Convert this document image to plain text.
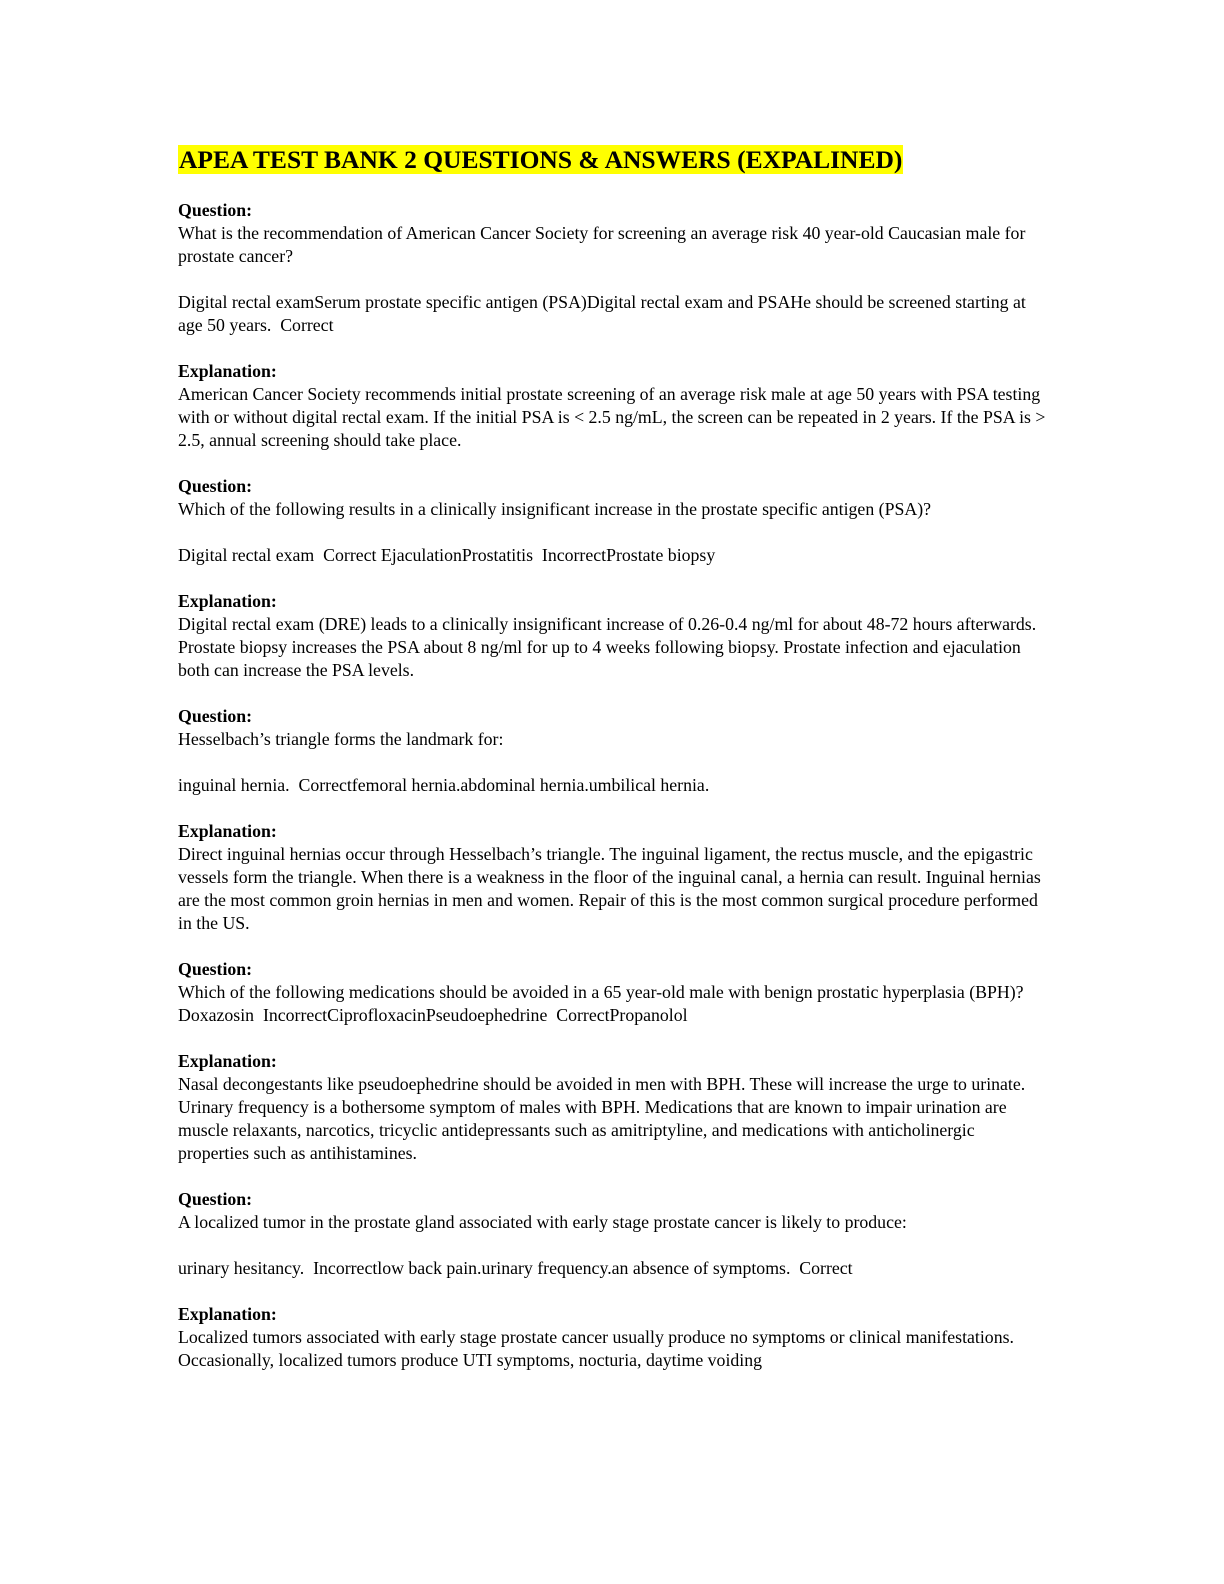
APEA TEST BANK 2 QUESTIONS & ANSWERS (EXPALINED)
Question:
What is the recommendation of American Cancer Society for screening an average risk 40 year-old Caucasian male for prostate cancer?
Digital rectal examSerum prostate specific antigen (PSA)Digital rectal exam and PSAHe should be screened starting at age 50 years.  Correct
Explanation:
American Cancer Society recommends initial prostate screening of an average risk male at age 50 years with PSA testing with or without digital rectal exam. If the initial PSA is < 2.5 ng/mL, the screen can be repeated in 2 years. If the PSA is > 2.5, annual screening should take place.
Question:
Which of the following results in a clinically insignificant increase in the prostate specific antigen (PSA)?
Digital rectal exam  Correct EjaculationProstatitis  IncorrectProstate biopsy
Explanation:
Digital rectal exam (DRE) leads to a clinically insignificant increase of 0.26-0.4 ng/ml for about 48-72 hours afterwards. Prostate biopsy increases the PSA about 8 ng/ml for up to 4 weeks following biopsy. Prostate infection and ejaculation both can increase the PSA levels.
Question:
Hesselbach’s triangle forms the landmark for:
inguinal hernia.  Correctfemoral hernia.abdominal hernia.umbilical hernia.
Explanation:
Direct inguinal hernias occur through Hesselbach’s triangle. The inguinal ligament, the rectus muscle, and the epigastric vessels form the triangle. When there is a weakness in the floor of the inguinal canal, a hernia can result. Inguinal hernias are the most common groin hernias in men and women. Repair of this is the most common surgical procedure performed in the US.
Question:
Which of the following medications should be avoided in a 65 year-old male with benign prostatic hyperplasia (BPH)?
Doxazosin  IncorrectCiprofloxacinPseudoephedrine  CorrectPropanolol
Explanation:
Nasal decongestants like pseudoephedrine should be avoided in men with BPH. These will increase the urge to urinate. Urinary frequency is a bothersome symptom of males with BPH. Medications that are known to impair urination are muscle relaxants, narcotics, tricyclic antidepressants such as amitriptyline, and medications with anticholinergic properties such as antihistamines.
Question:
A localized tumor in the prostate gland associated with early stage prostate cancer is likely to produce:
urinary hesitancy.  Incorrectlow back pain.urinary frequency.an absence of symptoms.  Correct
Explanation:
Localized tumors associated with early stage prostate cancer usually produce no symptoms or clinical manifestations. Occasionally, localized tumors produce UTI symptoms, nocturia, daytime voiding
